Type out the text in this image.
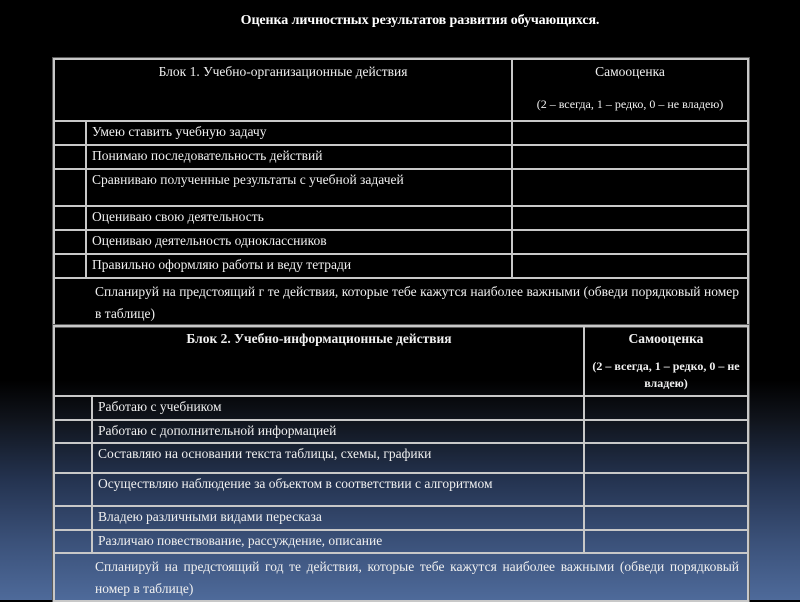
Оценка личностных результатов развития обучающихся.
Блок 1. Учебно-организационные действия		Самооценка
(2 – всегда, 1 – редко, 0 – не владею)

	Умею ставить учебную задачу	
	Понимаю последовательность действий	
	Сравниваю полученные результаты с учебной задачей	
	Оцениваю свою деятельность	
	Оцениваю деятельность одноклассников	
	Правильно оформляю работы и веду тетради	
Спланируй на предстоящий г те действия, которые тебе кажутся наиболее важными (обведи порядковый номер в таблице)		
Блок 2. Учебно-информационные действия		Самооценка
(2 – всегда, 1 – редко, 0 – не владею)

	Работаю с учебником	
	Работаю с дополнительной информацией	
	Составляю на основании текста таблицы, схемы, графики	
	Осуществляю наблюдение за объектом в соответствии с алгоритмом	
	Владею различными видами пересказа	
	Различаю повествование, рассуждение, описание	
Спланируй на предстоящий год те действия, которые тебе кажутся наиболее важными (обведи порядковый номер в таблице)		
